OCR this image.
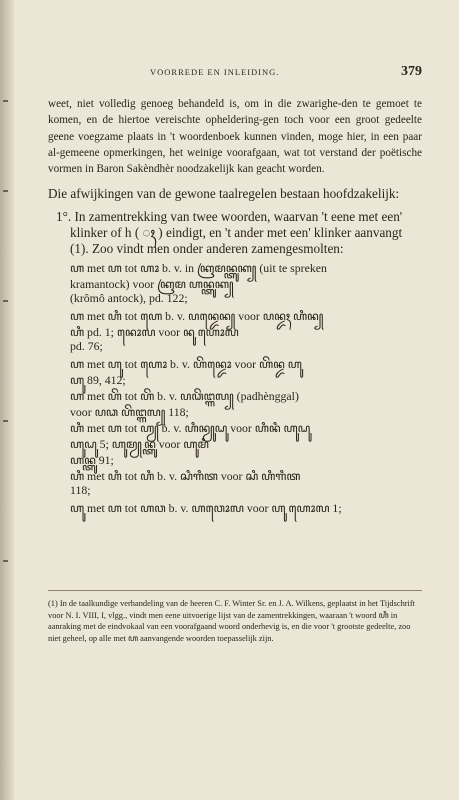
VOORREDE EN INLEIDING.	379

weet, niet volledig genoeg behandeld is, om in die zwarighe-den te gemoet te komen, en de hiertoe vereischte opheldering-gen toch voor een groot gedeelte geene voegzame plaats in 't woordenboek kunnen vinden, moge hier, in een paar al-gemeene opmerkingen, het weinige voorafgaan, wat tot verstand der poëtische vormen in Baron Sakèndhèr noodzakelijk kan geacht worden.

Die afwijkingen van de gewone taalregelen bestaan hoofdzakelijk:

1°. In zamentrekking van twee woorden, waarvan 't eene met een' klinker of h ( ꦃ ) eindigt, en 't ander met een' klinker aanvangt (1). Zoo vindt men onder anderen zamengesmolten:

ꦲ met ꦲ tot ꦲꦴ b. v. in ꦏꦿꦩꦤ꧀ꦠꦸꦏ꧀ (uit te spreken
kramantock) voor ꦏꦿꦩ ꦲꦤ꧀ꦠꦸꦏ꧀
(krômô antock), pd. 122;
ꦲ met ꦲꦶ tot ꦲꦺ b. v. ꦥꦤ꧀ꦢꦺꦤ꧀ voor ꦥꦤ꧀ꦢꦃ ꦲꦶꦤ꧀
ꦲꦶ pd. 1; ꦤꦺꦴꦭ voor ꦤꦸ ꦲꦺꦴꦭ
pd. 76;
ꦲ met ꦲꦸ tot ꦲꦺꦴ b. v. ꦲꦼꦤ꧀ꦢꦺꦴ voor ꦲꦼꦤ꧀ꦢ ꦲꦸ
ꦲꦸ 89, 412;
ꦲ met ꦲꦼ tot ꦲꦼ b. v. ꦥꦣꦼꦔ꧀ꦒꦭ꧀ (padhènggal)
voor ꦥꦣ ꦲꦼꦔ꧀ꦒꦭ꧀ 118;
ꦲꦶ met ꦲ tot ꦲꦾ b. v. ꦲꦶꦤꦾꦸꦝꦸ voor ꦲꦶꦤꦶ ꦲꦸꦝꦸ
ꦲꦸꦝꦸ 5; ꦲꦸꦩꦾꦤ꧀ꦠꦸ voor ꦲꦸꦩꦶ
ꦲꦤ꧀ꦠꦸ 91;
ꦲꦶ met ꦲꦶ tot ꦲꦶ b. v. ꦱꦶꦒꦶꦠ voor ꦱꦶ ꦲꦶꦒꦶꦠ
118;
ꦲꦸ met ꦲ tot ꦲꦮ b. v. ꦲꦮꦺꦴꦭ voor ꦲꦸ ꦲꦺꦴꦭ 1;

(1) In de taalkundige verhandeling van de heeren C. F. Winter Sr. en J. A. Wilkens, geplaatst in het Tijdschrift voor N. I. VIII, I, vlgg., vindt men eene uitvoerige lijst van de zamentrekkingen, waaraan 't woord ꦲꦶ in aanraking met de eindvokaal van een voorafgaand woord onderhevig is, en die voor 't grootste gedeelte, zoo niet geheel, op alle met ꦲ aanvangende woorden toepasselijk zijn.
